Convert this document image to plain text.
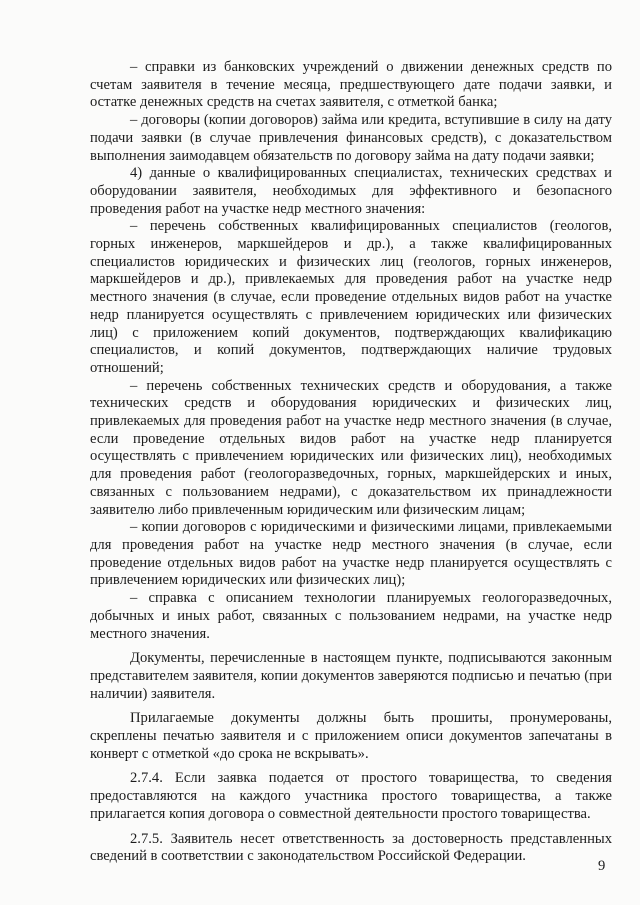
– справки из банковских учреждений о движении денежных средств по счетам заявителя в течение месяца, предшествующего дате подачи заявки, и остатке денежных средств на счетах заявителя, с отметкой банка;

– договоры (копии договоров) займа или кредита, вступившие в силу на дату подачи заявки (в случае привлечения финансовых средств), с доказательством выполнения заимодавцем обязательств по договору займа на дату подачи заявки;

4) данные о квалифицированных специалистах, технических средствах и оборудовании заявителя, необходимых для эффективного и безопасного проведения работ на участке недр местного значения:

– перечень собственных квалифицированных специалистов (геологов, горных инженеров, маркшейдеров и др.), а также квалифицированных специалистов юридических и физических лиц (геологов, горных инженеров, маркшейдеров и др.), привлекаемых для проведения работ на участке недр местного значения (в случае, если проведение отдельных видов работ на участке недр планируется осуществлять с привлечением юридических или физических лиц) с приложением копий документов, подтверждающих квалификацию специалистов, и копий документов, подтверждающих наличие трудовых отношений;

– перечень собственных технических средств и оборудования, а также технических средств и оборудования юридических и физических лиц, привлекаемых для проведения работ на участке недр местного значения (в случае, если проведение отдельных видов работ на участке недр планируется осуществлять с привлечением юридических или физических лиц), необходимых для проведения работ (геологоразведочных, горных, маркшейдерских и иных, связанных с пользованием недрами), с доказательством их принадлежности заявителю либо привлеченным юридическим или физическим лицам;

– копии договоров с юридическими и физическими лицами, привлекаемыми для проведения работ на участке недр местного значения (в случае, если проведение отдельных видов работ на участке недр планируется осуществлять с привлечением юридических или физических лиц);

– справка с описанием технологии планируемых геологоразведочных, добычных и иных работ, связанных с пользованием недрами, на участке недр местного значения.

Документы, перечисленные в настоящем пункте, подписываются законным представителем заявителя, копии документов заверяются подписью и печатью (при наличии) заявителя.

Прилагаемые документы должны быть прошиты, пронумерованы, скреплены печатью заявителя и с приложением описи документов запечатаны в конверт с отметкой «до срока не вскрывать».

2.7.4. Если заявка подается от простого товарищества, то сведения предоставляются на каждого участника простого товарищества, а также прилагается копия договора о совместной деятельности простого товарищества.

2.7.5. Заявитель несет ответственность за достоверность представленных сведений в соответствии с законодательством Российской Федерации.

9
